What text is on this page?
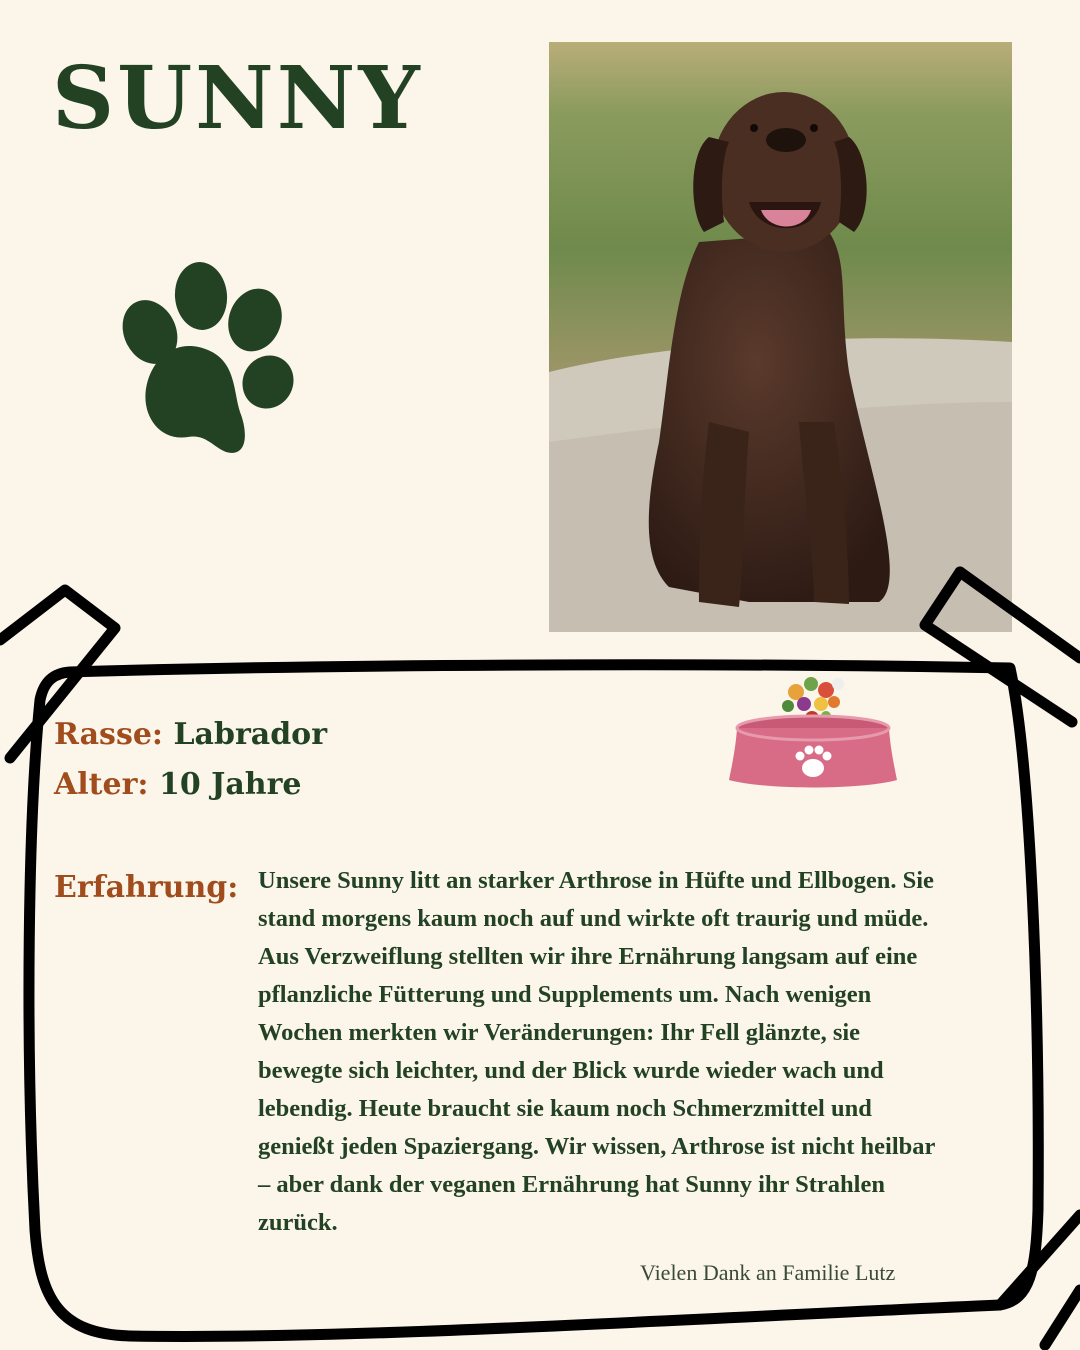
SUNNY
Rasse: Labrador
Alter: 10 Jahre
Erfahrung: Unsere Sunny litt an starker Arthrose in Hüfte und Ellbogen. Sie stand morgens kaum noch auf und wirkte oft traurig und müde. Aus Verzweiflung stellten wir ihre Ernährung langsam auf eine pflanzliche Fütterung und Supplements um. Nach wenigen Wochen merkten wir Veränderungen: Ihr Fell glänzte, sie bewegte sich leichter, und der Blick wurde wieder wach und lebendig. Heute braucht sie kaum noch Schmerzmittel und genießt jeden Spaziergang. Wir wissen, Arthrose ist nicht heilbar – aber dank der veganen Ernährung hat Sunny ihr Strahlen zurück.

Vielen Dank an Familie Lutz
